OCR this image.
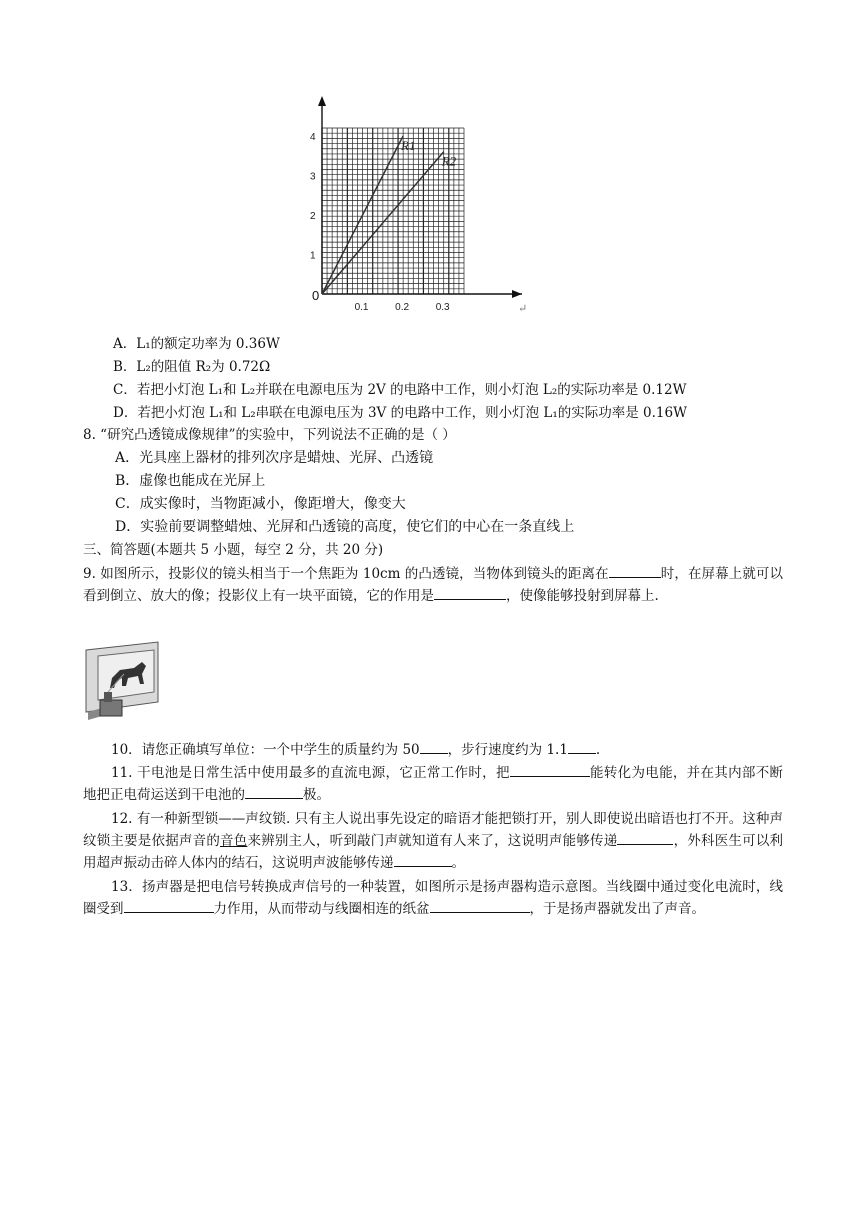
0.1	0.2	0.3
1
2
3
4
0
R1
R2
↵
A．L₁的额定功率为 0.36W
B．L₂的阻值 R₂为 0.72Ω
C．若把小灯泡 L₁和 L₂并联在电源电压为 2V 的电路中工作，则小灯泡 L₂的实际功率是 0.12W
D．若把小灯泡 L₁和 L₂串联在电源电压为 3V 的电路中工作，则小灯泡 L₁的实际功率是 0.16W
8. “研究凸透镜成像规律”的实验中，下列说法不正确的是（ ）
A．光具座上器材的排列次序是蜡烛、光屏、凸透镜
B．虚像也能成在光屏上
C．成实像时，当物距减小，像距增大，像变大
D．实验前要调整蜡烛、光屏和凸透镜的高度，使它们的中心在一条直线上
三、简答题(本题共 5 小题，每空 2 分，共 20 分)
9. 如图所示，投影仪的镜头相当于一个焦距为 10cm 的凸透镜，当物体到镜头的距离在	时，在屏幕上就可以看到倒立、放大的像；投影仪上有一块平面镜，它的作用是	，使像能够投射到屏幕上.
10．请您正确填写单位：一个中学生的质量约为 50 ，步行速度约为 1.1 .
11. 干电池是日常生活中使用最多的直流电源，它正常工作时，把	能转化为电能，并在其内部不断地把正电荷运送到干电池的	极。
12. 有一种新型锁——声纹锁. 只有主人说出事先设定的暗语才能把锁打开，别人即使说出暗语也打不开。这种声纹锁主要是依据声音的音色来辨别主人，听到敲门声就知道有人来了，这说明声能够传递	，外科医生可以利用超声振动击碎人体内的结石，这说明声波能够传递	。
13．扬声器是把电信号转换成声信号的一种装置，如图所示是扬声器构造示意图。当线圈中通过变化电流时，线圈受到	力作用，从而带动与线圈相连的纸盆	，于是扬声器就发出了声音。
